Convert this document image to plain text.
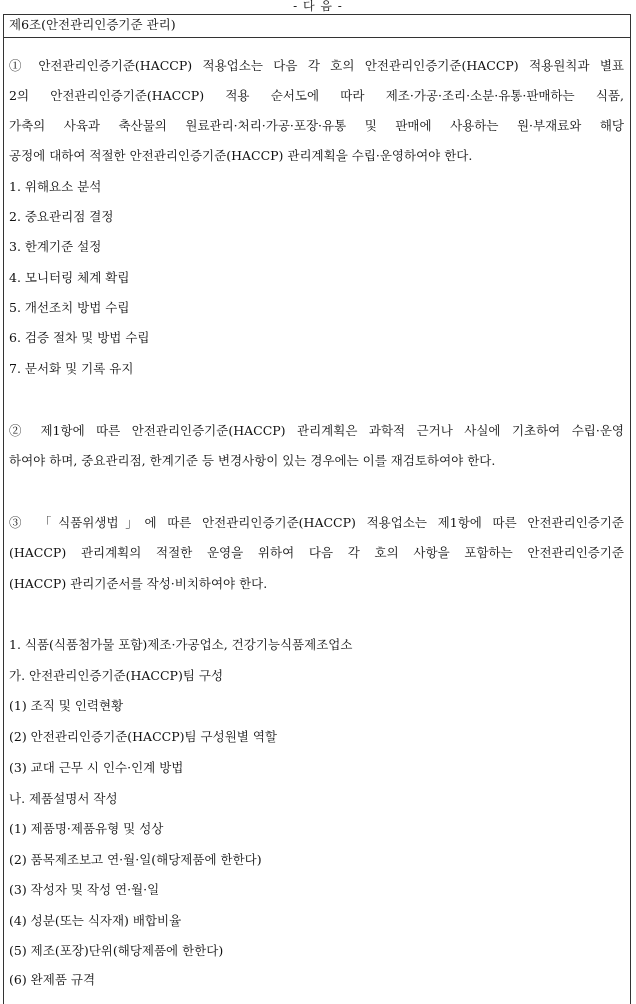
- 다 음 -
제6조(안전관리인증기준 관리)
① 안전관리인증기준(HACCP) 적용업소는 다음 각 호의 안전관리인증기준(HACCP) 적용원칙과 별표
2의 안전관리인증기준(HACCP) 적용 순서도에 따라 제조·가공·조리·소분·유통·판매하는 식품,
가축의 사육과 축산물의 원료관리·처리·가공·포장·유통 및 판매에 사용하는 원·부재료와 해당
공정에 대하여 적절한 안전관리인증기준(HACCP) 관리계획을 수립·운영하여야 한다.
1. 위해요소 분석
2. 중요관리점 결정
3. 한계기준 설정
4. 모니터링 체계 확립
5. 개선조치 방법 수립
6. 검증 절차 및 방법 수립
7. 문서화 및 기록 유지
② 제1항에 따른 안전관리인증기준(HACCP) 관리계획은 과학적 근거나 사실에 기초하여 수립·운영
하여야 하며, 중요관리점, 한계기준 등 변경사항이 있는 경우에는 이를 재검토하여야 한다.
③ 「식품위생법」에 따른 안전관리인증기준(HACCP) 적용업소는 제1항에 따른 안전관리인증기준
(HACCP) 관리계획의 적절한 운영을 위하여 다음 각 호의 사항을 포함하는 안전관리인증기준
(HACCP) 관리기준서를 작성·비치하여야 한다.
1. 식품(식품첨가물 포함)제조·가공업소, 건강기능식품제조업소
가. 안전관리인증기준(HACCP)팀 구성
(1) 조직 및 인력현황
(2) 안전관리인증기준(HACCP)팀 구성원별 역할
(3) 교대 근무 시 인수·인계 방법
나. 제품설명서 작성
(1) 제품명·제품유형 및 성상
(2) 품목제조보고 연·월·일(해당제품에 한한다)
(3) 작성자 및 작성 연·월·일
(4) 성분(또는 식자재) 배합비율
(5) 제조(포장)단위(해당제품에 한한다)
(6) 완제품 규격
